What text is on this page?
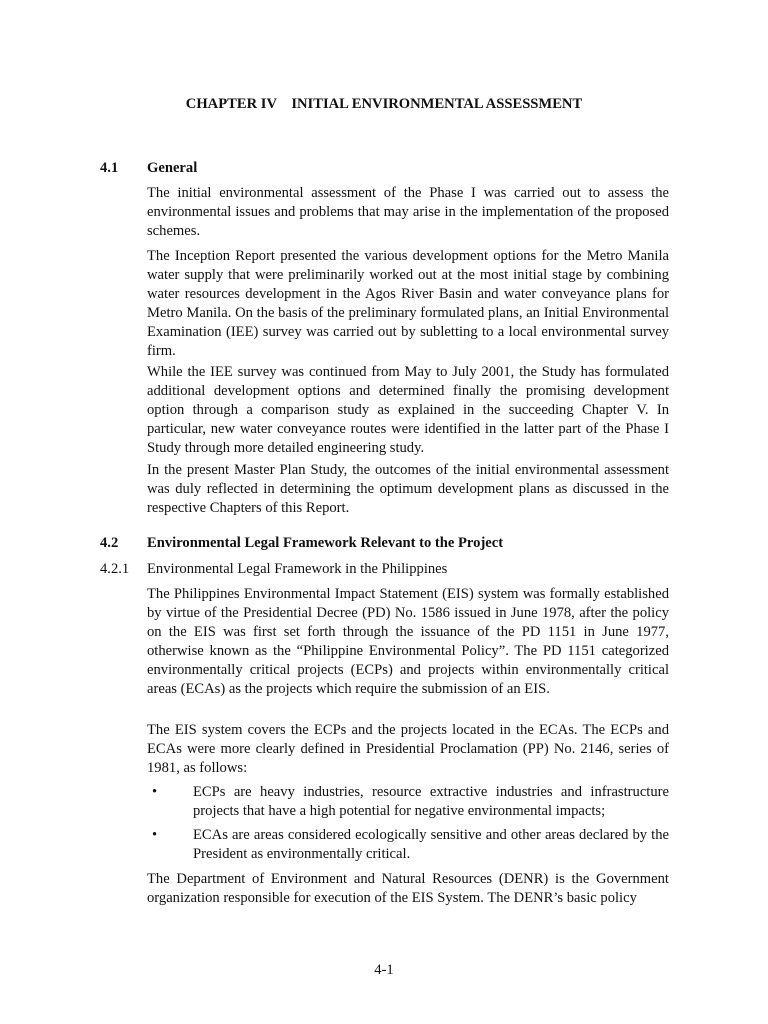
CHAPTER IV    INITIAL ENVIRONMENTAL ASSESSMENT
4.1	General

The initial environmental assessment of the Phase I was carried out to assess the environmental issues and problems that may arise in the implementation of the proposed schemes.

The Inception Report presented the various development options for the Metro Manila water supply that were preliminarily worked out at the most initial stage by combining water resources development in the Agos River Basin and water conveyance plans for Metro Manila. On the basis of the preliminary formulated plans, an Initial Environmental Examination (IEE) survey was carried out by subletting to a local environmental survey firm.

While the IEE survey was continued from May to July 2001, the Study has formulated additional development options and determined finally the promising development option through a comparison study as explained in the succeeding Chapter V. In particular, new water conveyance routes were identified in the latter part of the Phase I Study through more detailed engineering study.

In the present Master Plan Study, the outcomes of the initial environmental assessment was duly reflected in determining the optimum development plans as discussed in the respective Chapters of this Report.

4.2	Environmental Legal Framework Relevant to the Project
4.2.1	Environmental Legal Framework in the Philippines

The Philippines Environmental Impact Statement (EIS) system was formally established by virtue of the Presidential Decree (PD) No. 1586 issued in June 1978, after the policy on the EIS was first set forth through the issuance of the PD 1151 in June 1977, otherwise known as the “Philippine Environmental Policy”. The PD 1151 categorized environmentally critical projects (ECPs) and projects within environmentally critical areas (ECAs) as the projects which require the submission of an EIS.

The EIS system covers the ECPs and the projects located in the ECAs. The ECPs and ECAs were more clearly defined in Presidential Proclamation (PP) No. 2146, series of 1981, as follows:

•	ECPs are heavy industries, resource extractive industries and infrastructure projects that have a high potential for negative environmental impacts;
•	ECAs are areas considered ecologically sensitive and other areas declared by the President as environmentally critical.

The Department of Environment and Natural Resources (DENR) is the Government organization responsible for execution of the EIS System. The DENR’s basic policy

4-1
